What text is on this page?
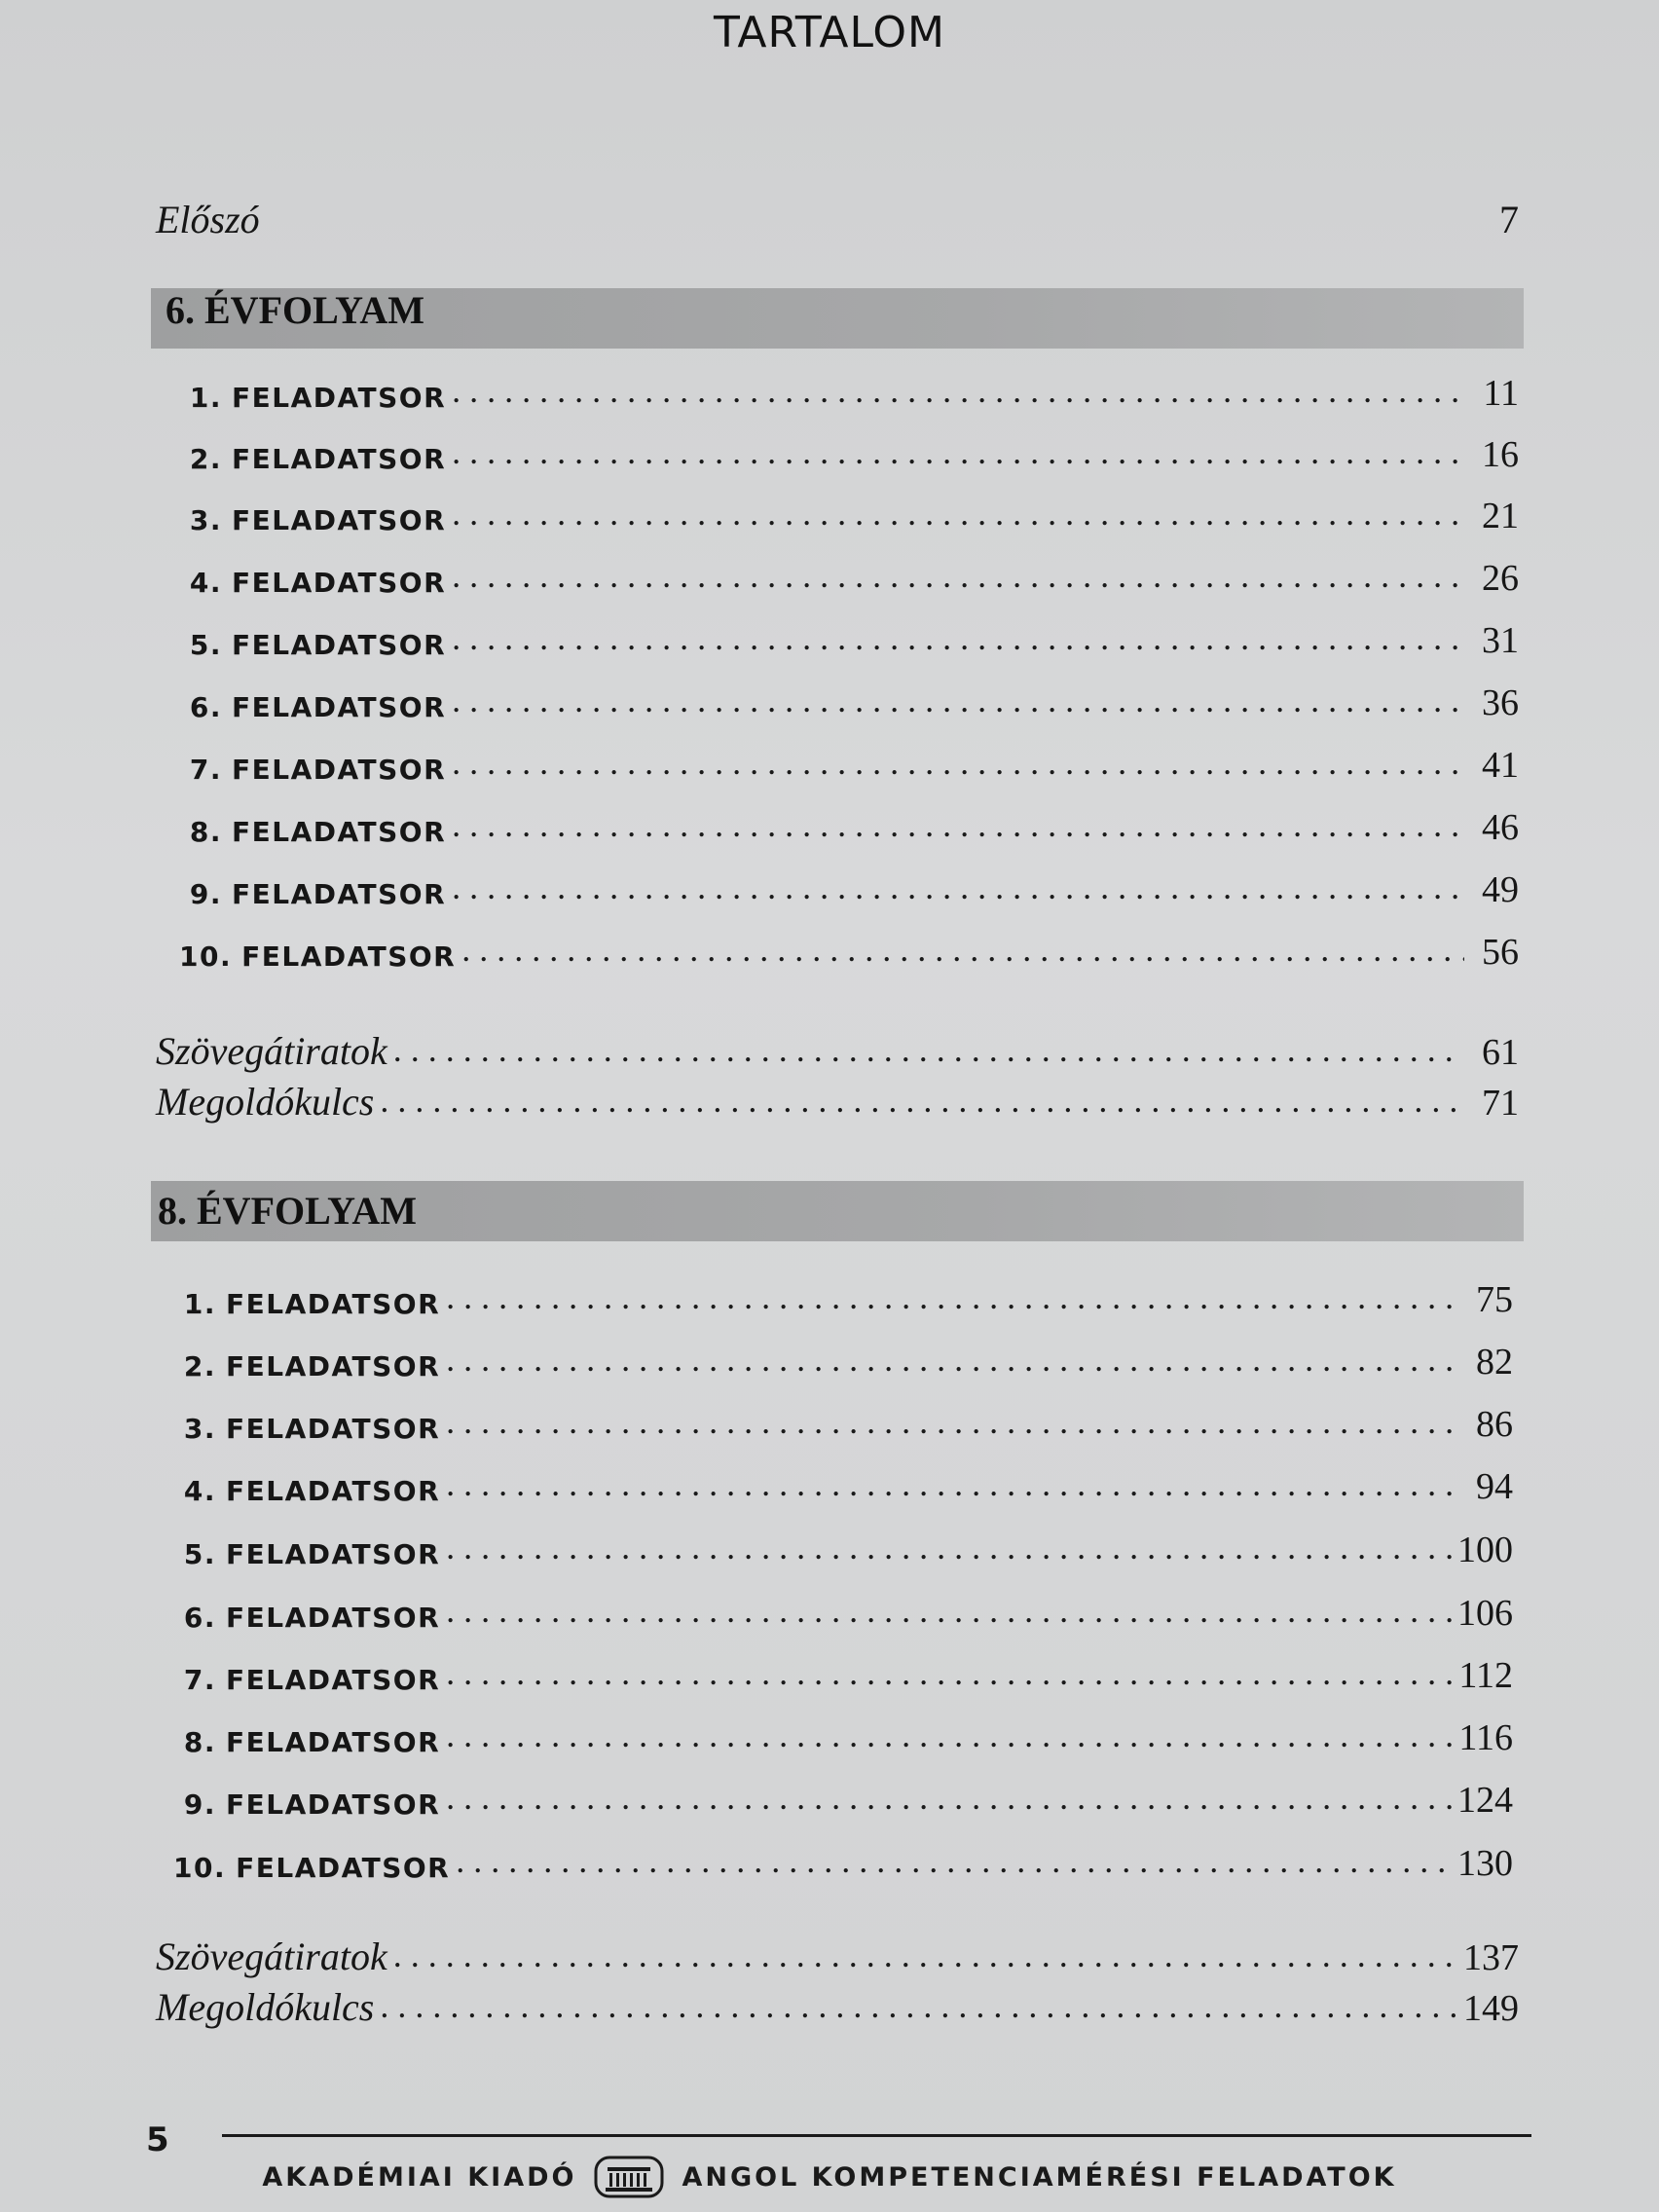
TARTALOM
Előszó	7
6. ÉVFOLYAM
1. FELADATSOR . . .	11
2. FELADATSOR . . .	16
3. FELADATSOR . . .	21
4. FELADATSOR . . .	26
5. FELADATSOR . . .	31
6. FELADATSOR . . .	36
7. FELADATSOR . . .	41
8. FELADATSOR . . .	46
9. FELADATSOR . . .	49
10. FELADATSOR . . .	56
Szövegátiratok . . .	61
Megoldókulcs . . .	71
8. ÉVFOLYAM
1. FELADATSOR . . .	75
2. FELADATSOR . . .	82
3. FELADATSOR . . .	86
4. FELADATSOR . . .	94
5. FELADATSOR . . .	100
6. FELADATSOR . . .	106
7. FELADATSOR . . .	112
8. FELADATSOR . . .	116
9. FELADATSOR . . .	124
10. FELADATSOR . . .	130
Szövegátiratok . . .	137
Megoldókulcs . . .	149
5
AKADÉMIAI KIADÓ	ANGOL KOMPETENCIAMÉRÉSI FELADATOK
